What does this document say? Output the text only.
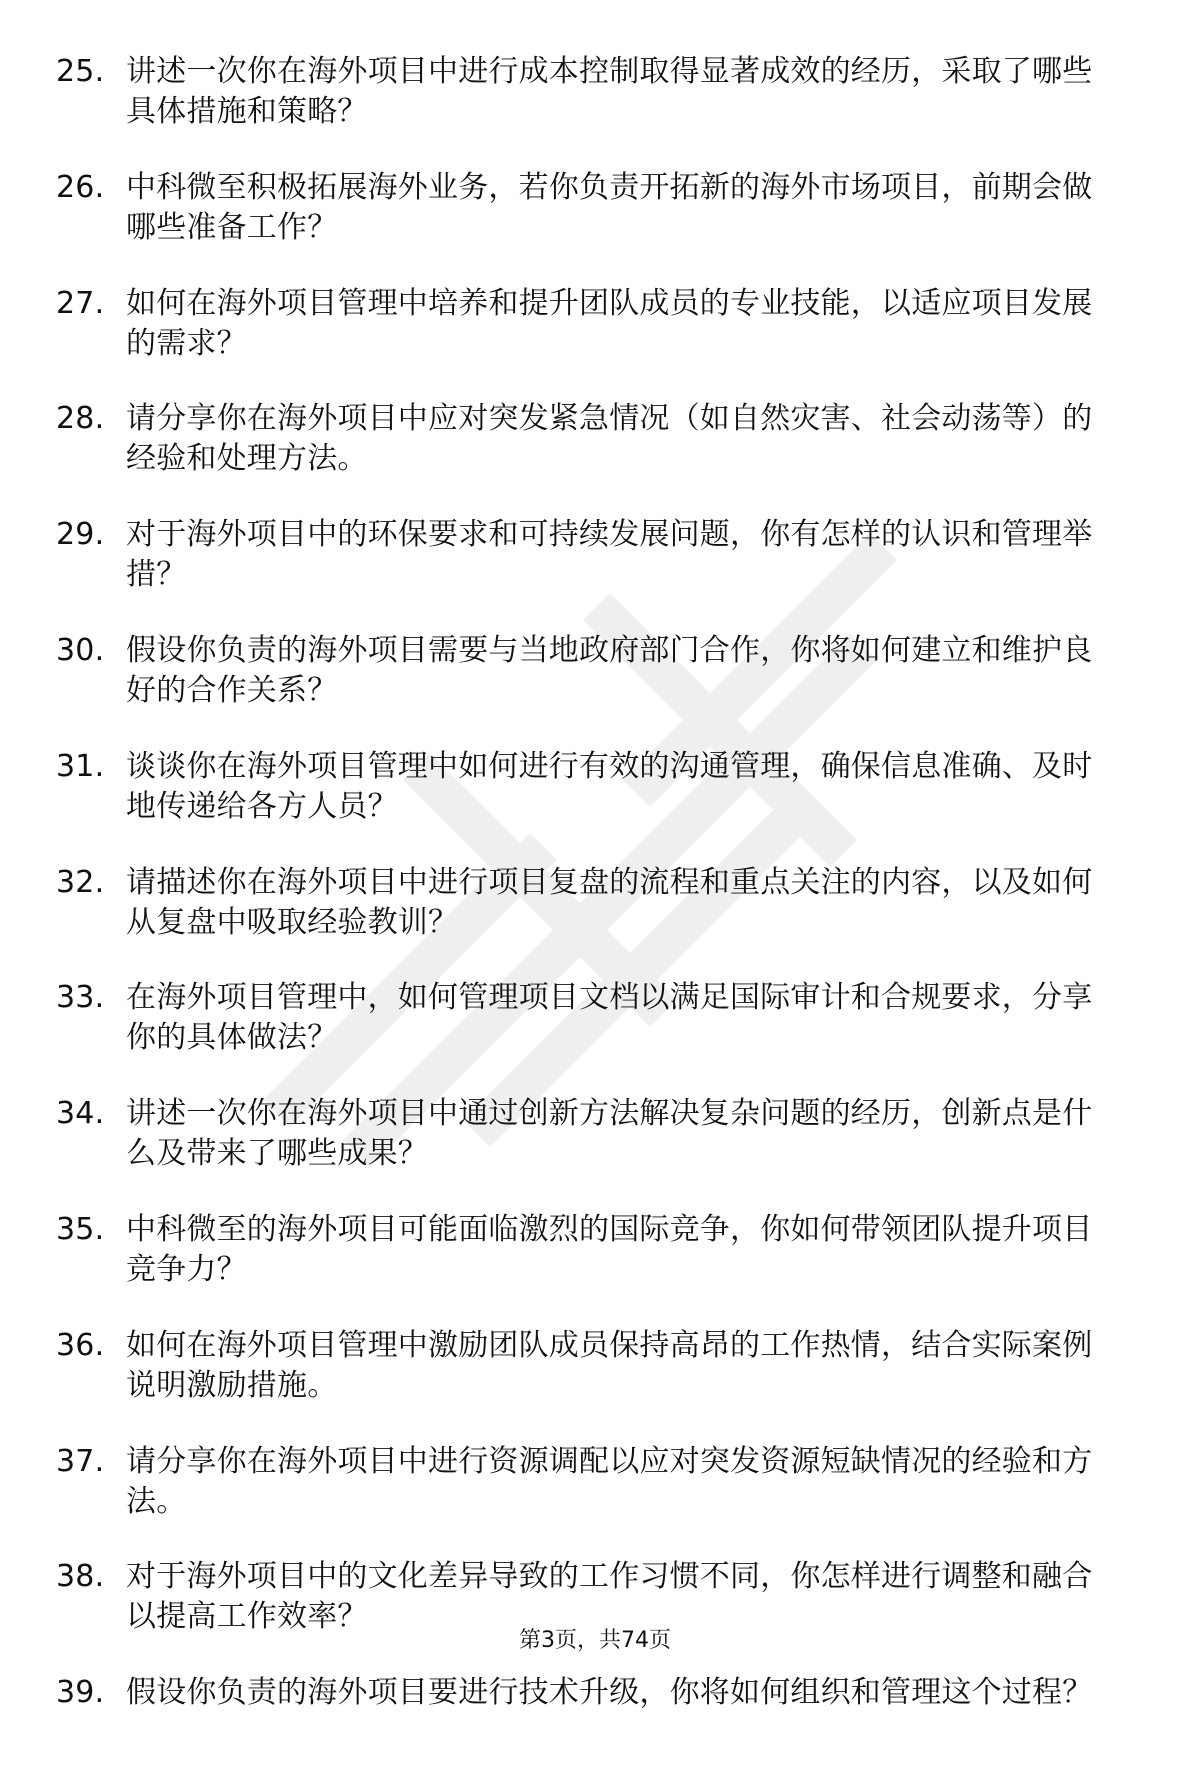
25. 讲述一次你在海外项目中进行成本控制取得显著成效的经历，采取了哪些具体措施和策略？
26. 中科微至积极拓展海外业务，若你负责开拓新的海外市场项目，前期会做哪些准备工作？
27. 如何在海外项目管理中培养和提升团队成员的专业技能，以适应项目发展的需求？
28. 请分享你在海外项目中应对突发紧急情况（如自然灾害、社会动荡等）的经验和处理方法。
29. 对于海外项目中的环保要求和可持续发展问题，你有怎样的认识和管理举措？
30. 假设你负责的海外项目需要与当地政府部门合作，你将如何建立和维护良好的合作关系？
31. 谈谈你在海外项目管理中如何进行有效的沟通管理，确保信息准确、及时地传递给各方人员？
32. 请描述你在海外项目中进行项目复盘的流程和重点关注的内容，以及如何从复盘中吸取经验教训？
33. 在海外项目管理中，如何管理项目文档以满足国际审计和合规要求，分享你的具体做法？
34. 讲述一次你在海外项目中通过创新方法解决复杂问题的经历，创新点是什么及带来了哪些成果？
35. 中科微至的海外项目可能面临激烈的国际竞争，你如何带领团队提升项目竞争力？
36. 如何在海外项目管理中激励团队成员保持高昂的工作热情，结合实际案例说明激励措施。
37. 请分享你在海外项目中进行资源调配以应对突发资源短缺情况的经验和方法。
38. 对于海外项目中的文化差异导致的工作习惯不同，你怎样进行调整和融合以提高工作效率？
39. 假设你负责的海外项目要进行技术升级，你将如何组织和管理这个过程？
第3页，共74页
